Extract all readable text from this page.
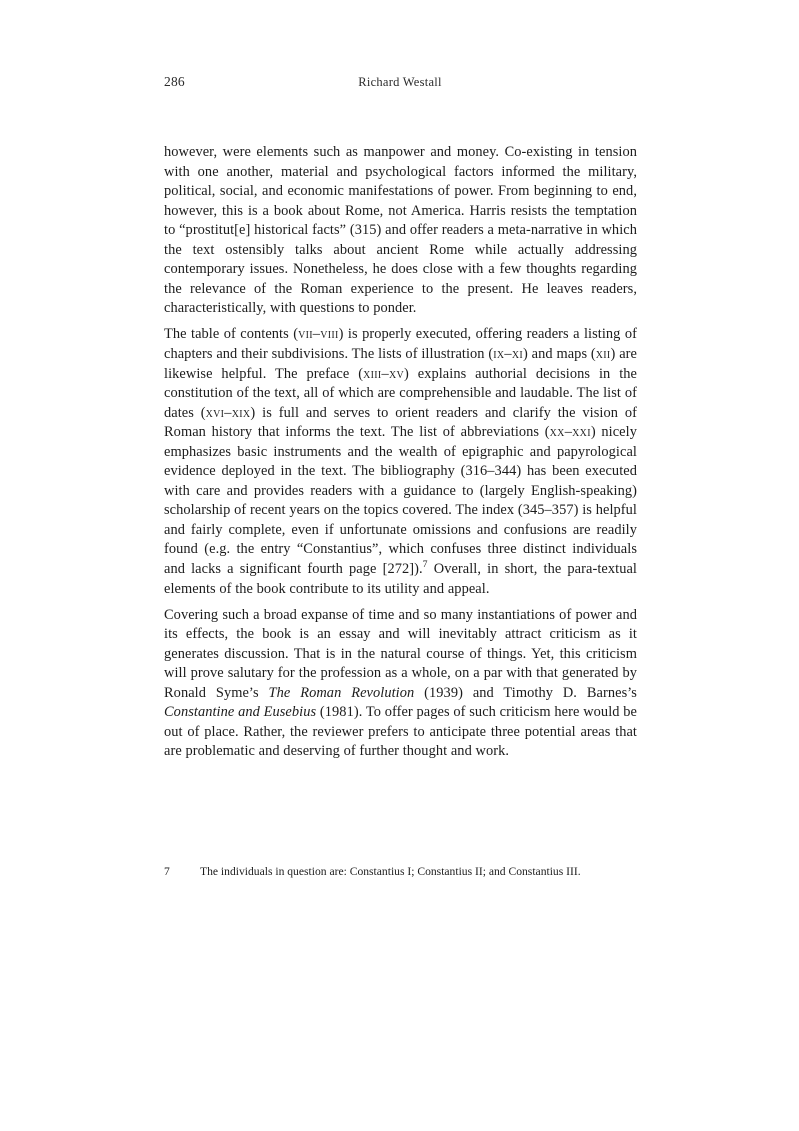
286	Richard Westall

however, were elements such as manpower and money. Co-existing in tension with one another, material and psychological factors informed the military, political, social, and economic manifestations of power. From beginning to end, however, this is a book about Rome, not America. Harris resists the temptation to “prostitut[e] historical facts” (315) and offer readers a meta-narrative in which the text ostensibly talks about ancient Rome while actually addressing contemporary issues. Nonetheless, he does close with a few thoughts regarding the relevance of the Roman experience to the present. He leaves readers, characteristically, with questions to ponder.

The table of contents (vii–viii) is properly executed, offering readers a listing of chapters and their subdivisions. The lists of illustration (ix–xi) and maps (xii) are likewise helpful. The preface (xiii–xv) explains authorial decisions in the constitution of the text, all of which are comprehensible and laudable. The list of dates (xvi–xix) is full and serves to orient readers and clarify the vision of Roman history that informs the text. The list of abbreviations (xx–xxi) nicely emphasizes basic instruments and the wealth of epigraphic and papyrological evidence deployed in the text. The bibliography (316–344) has been executed with care and provides readers with a guidance to (largely English-speaking) scholarship of recent years on the topics covered. The index (345–357) is helpful and fairly complete, even if unfortunate omissions and confusions are readily found (e.g. the entry “Constantius”, which confuses three distinct individuals and lacks a significant fourth page [272]).$^7$ Overall, in short, the para-textual elements of the book contribute to its utility and appeal.

Covering such a broad expanse of time and so many instantiations of power and its effects, the book is an essay and will inevitably attract criticism as it generates discussion. That is in the natural course of things. Yet, this criticism will prove salutary for the profession as a whole, on a par with that generated by Ronald Syme’s The Roman Revolution (1939) and Timothy D. Barnes’s Constantine and Eusebius (1981). To offer pages of such criticism here would be out of place. Rather, the reviewer prefers to anticipate three potential areas that are problematic and deserving of further thought and work.

7	The individuals in question are: Constantius I; Constantius II; and Constantius III.
